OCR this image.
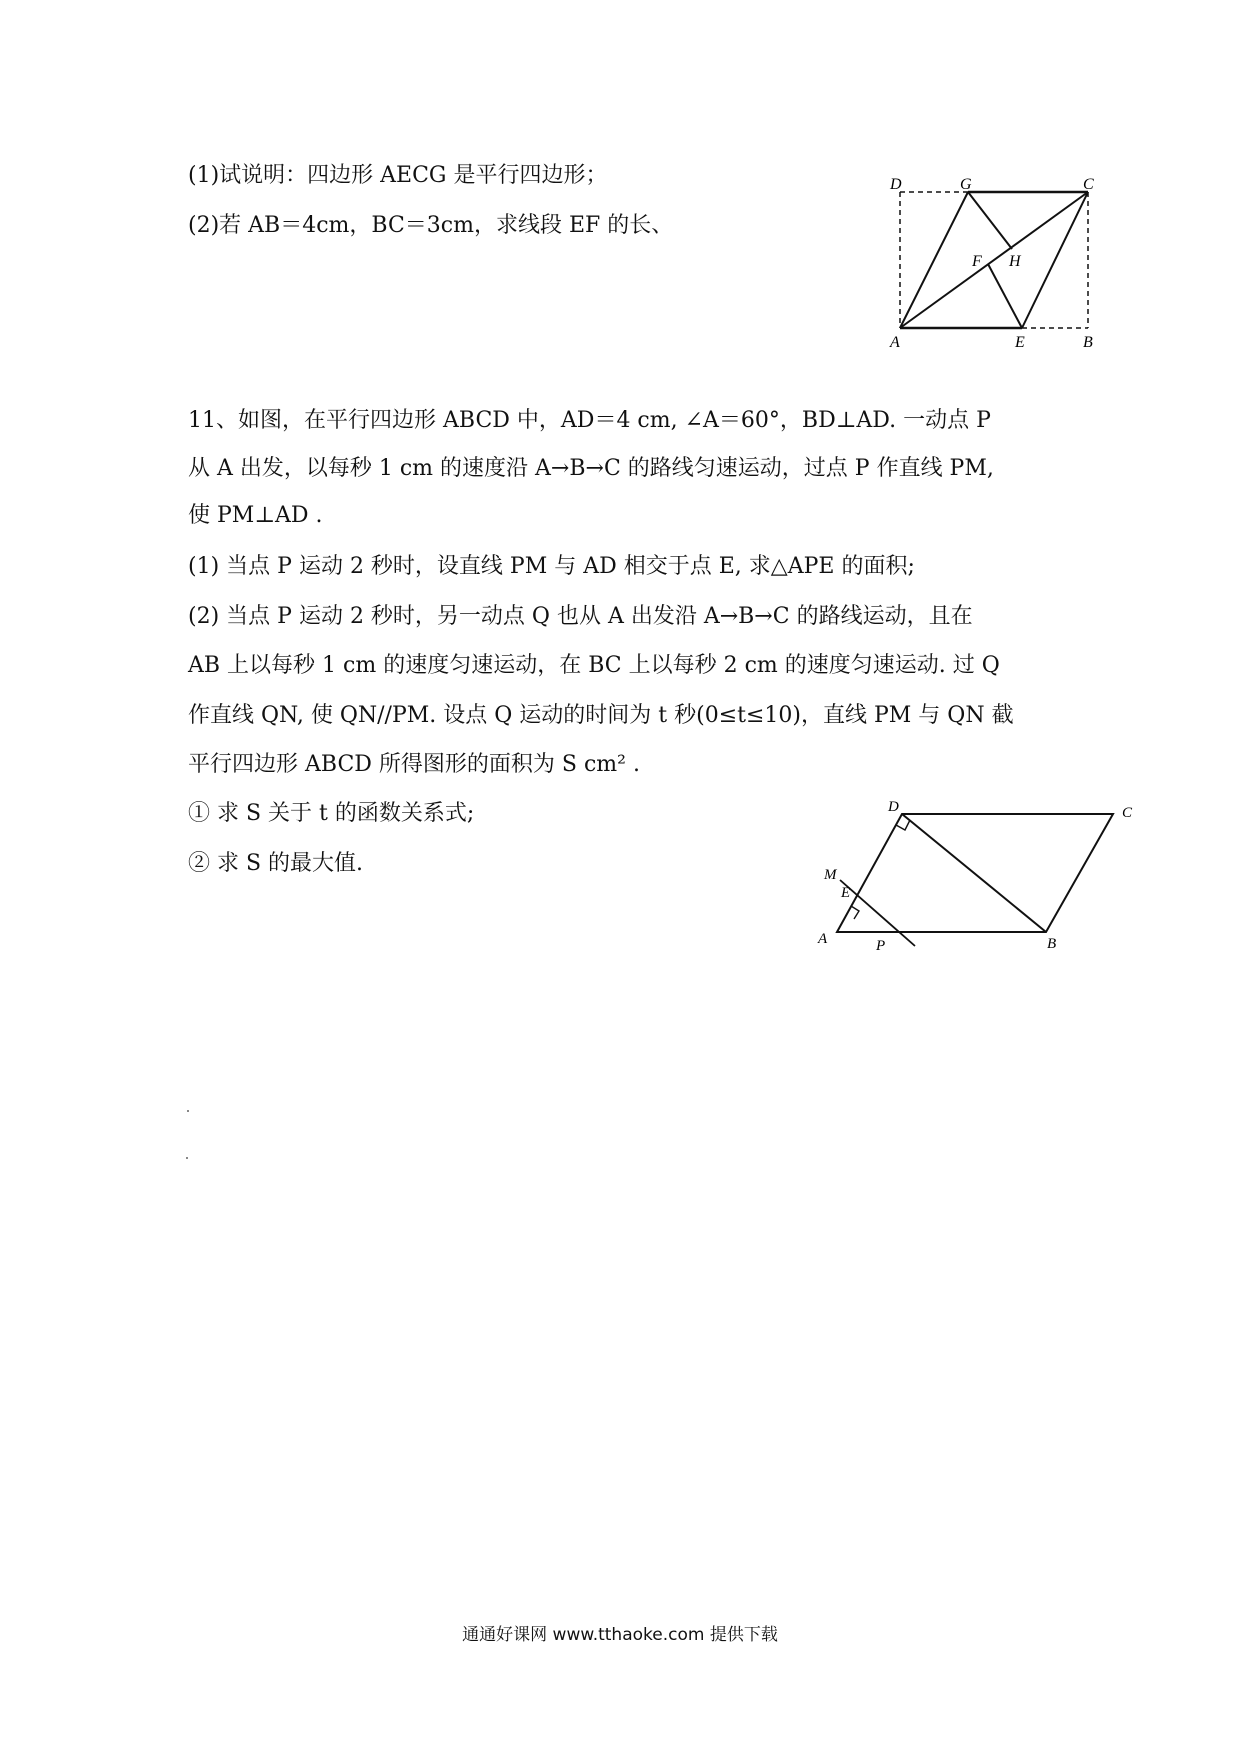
(1)试说明：四边形 AECG 是平行四边形；
(2)若 AB＝4cm，BC＝3cm，求线段 EF 的长、
D	G	C
F H
A	E	B
11、如图，在平行四边形 ABCD 中，AD＝4 cm, ∠A＝60°，BD⊥AD. 一动点 P
从 A 出发，以每秒 1 cm 的速度沿 A→B→C 的路线匀速运动，过点 P 作直线 PM,
使 PM⊥AD .
(1) 当点 P 运动 2 秒时，设直线 PM 与 AD 相交于点 E, 求△APE 的面积;
(2) 当点 P 运动 2 秒时，另一动点 Q 也从 A 出发沿 A→B→C 的路线运动，且在
AB 上以每秒 1 cm 的速度匀速运动，在 BC 上以每秒 2 cm 的速度匀速运动. 过 Q
作直线 QN, 使 QN//PM. 设点 Q 运动的时间为 t 秒(0≤t≤10)，直线 PM 与 QN 截
平行四边形 ABCD 所得图形的面积为 S cm² .
① 求 S 关于 t 的函数关系式;
② 求 S 的最大值.
D	C
M
E
A	P	B
通通好课网 www.tthaoke.com 提供下载
